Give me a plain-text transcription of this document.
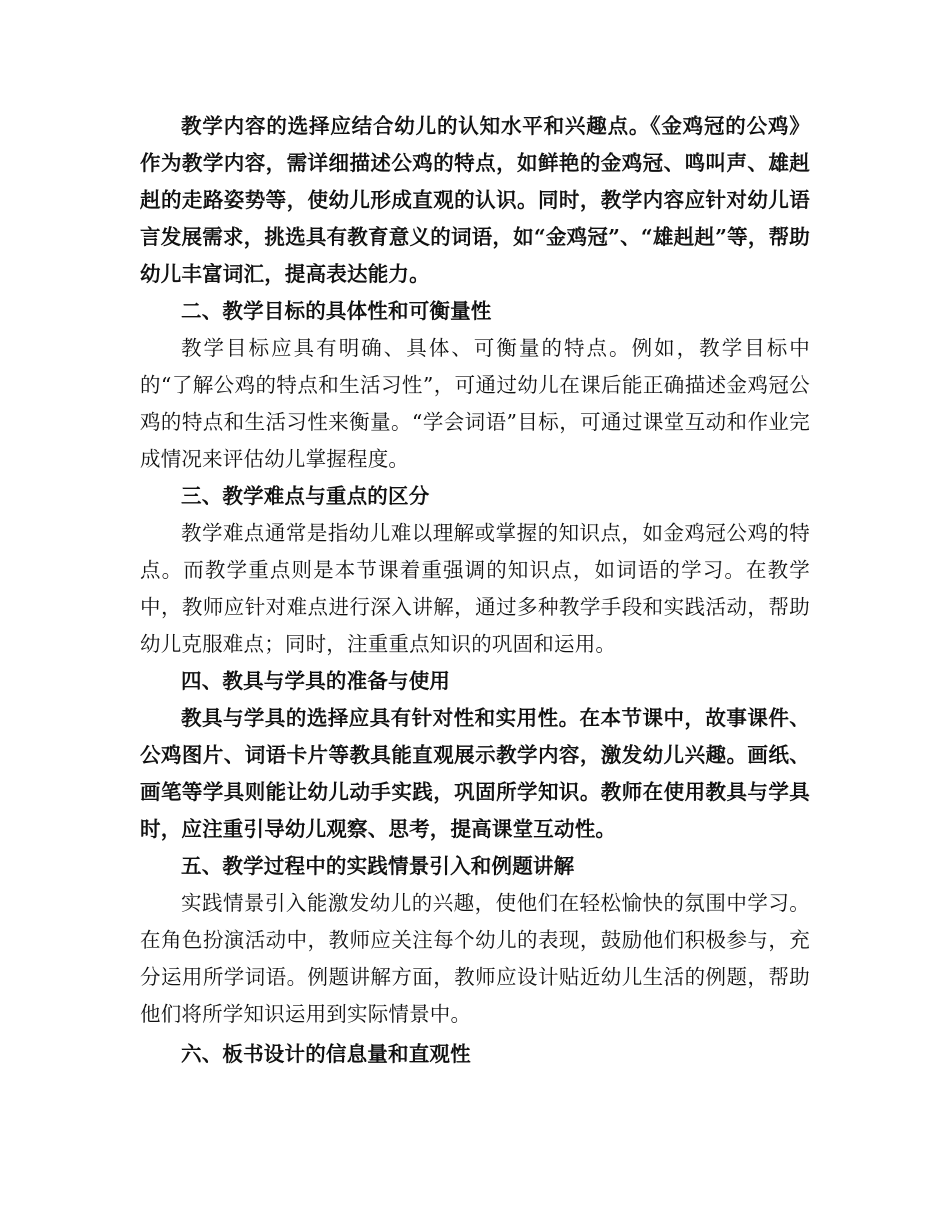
教学内容的选择应结合幼儿的认知水平和兴趣点。《金鸡冠的公鸡》作为教学内容，需详细描述公鸡的特点，如鲜艳的金鸡冠、鸣叫声、雄赳赳的走路姿势等，使幼儿形成直观的认识。同时，教学内容应针对幼儿语言发展需求，挑选具有教育意义的词语，如“金鸡冠”、“雄赳赳”等，帮助幼儿丰富词汇，提高表达能力。

二、教学目标的具体性和可衡量性

教学目标应具有明确、具体、可衡量的特点。例如，教学目标中的“了解公鸡的特点和生活习性”，可通过幼儿在课后能正确描述金鸡冠公鸡的特点和生活习性来衡量。“学会词语”目标，可通过课堂互动和作业完成情况来评估幼儿掌握程度。

三、教学难点与重点的区分

教学难点通常是指幼儿难以理解或掌握的知识点，如金鸡冠公鸡的特点。而教学重点则是本节课着重强调的知识点，如词语的学习。在教学中，教师应针对难点进行深入讲解，通过多种教学手段和实践活动，帮助幼儿克服难点；同时，注重重点知识的巩固和运用。

四、教具与学具的准备与使用

教具与学具的选择应具有针对性和实用性。在本节课中，故事课件、公鸡图片、词语卡片等教具能直观展示教学内容，激发幼儿兴趣。画纸、画笔等学具则能让幼儿动手实践，巩固所学知识。教师在使用教具与学具时，应注重引导幼儿观察、思考，提高课堂互动性。

五、教学过程中的实践情景引入和例题讲解

实践情景引入能激发幼儿的兴趣，使他们在轻松愉快的氛围中学习。在角色扮演活动中，教师应关注每个幼儿的表现，鼓励他们积极参与，充分运用所学词语。例题讲解方面，教师应设计贴近幼儿生活的例题，帮助他们将所学知识运用到实际情景中。

六、板书设计的信息量和直观性
